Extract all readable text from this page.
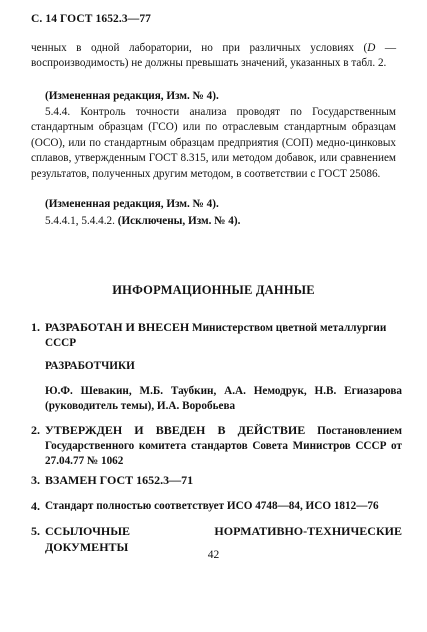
С. 14 ГОСТ 1652.3—77
ченных в одной лаборатории, но при различных условиях (D — воспроизводимость) не должны превышать значений, указанных в табл. 2.
(Измененная редакция, Изм. № 4).
5.4.4. Контроль точности анализа проводят по Государственным стандартным образцам (ГСО) или по отраслевым стандартным образцам (ОСО), или по стандартным образцам предприятия (СОП) медно-цинковых сплавов, утвержденным ГОСТ 8.315, или методом добавок, или сравнением результатов, полученных другим методом, в соответствии с ГОСТ 25086.
(Измененная редакция, Изм. № 4).
5.4.4.1, 5.4.4.2. (Исключены, Изм. № 4).
ИНФОРМАЦИОННЫЕ ДАННЫЕ
1. РАЗРАБОТАН И ВНЕСЕН Министерством цветной металлургии СССР
РАЗРАБОТЧИКИ
Ю.Ф. Шевакин, М.Б. Таубкин, А.А. Немодрук, Н.В. Егиазарова (руководитель темы), И.А. Воробьева
2. УТВЕРЖДЕН И ВВЕДЕН В ДЕЙСТВИЕ Постановлением Государственного комитета стандартов Совета Министров СССР от 27.04.77 № 1062
3. ВЗАМЕН ГОСТ 1652.3—71
4. Стандарт полностью соответствует ИСО 4748—84, ИСО 1812—76
5. ССЫЛОЧНЫЕ НОРМАТИВНО-ТЕХНИЧЕСКИЕ ДОКУМЕНТЫ
42
